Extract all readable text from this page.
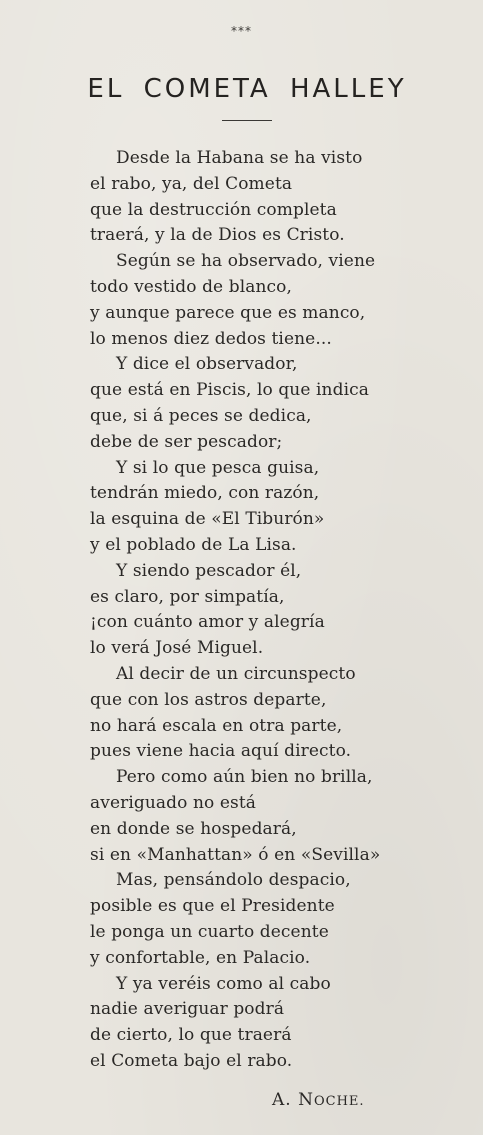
***
EL COMETA HALLEY
Desde la Habana se ha visto
el rabo, ya, del Cometa
que la destrucción completa
traerá, y la de Dios es Cristo.
Según se ha observado, viene
todo vestido de blanco,
y aunque parece que es manco,
lo menos diez dedos tiene...
Y dice el observador,
que está en Piscis, lo que indica
que, si á peces se dedica,
debe de ser pescador;
Y si lo que pesca guisa,
tendrán miedo, con razón,
la esquina de «El Tiburón»
y el poblado de La Lisa.
Y siendo pescador él,
es claro, por simpatía,
¡con cuánto amor y alegría
lo verá José Miguel.
Al decir de un circunspecto
que con los astros departe,
no hará escala en otra parte,
pues viene hacia aquí directo.
Pero como aún bien no brilla,
averiguado no está
en donde se hospedará,
si en «Manhattan» ó en «Sevilla»
Mas, pensándolo despacio,
posible es que el Presidente
le ponga un cuarto decente
y confortable, en Palacio.
Y ya veréis como al cabo
nadie averiguar podrá
de cierto, lo que traerá
el Cometa bajo el rabo.
A. NOCHE.
